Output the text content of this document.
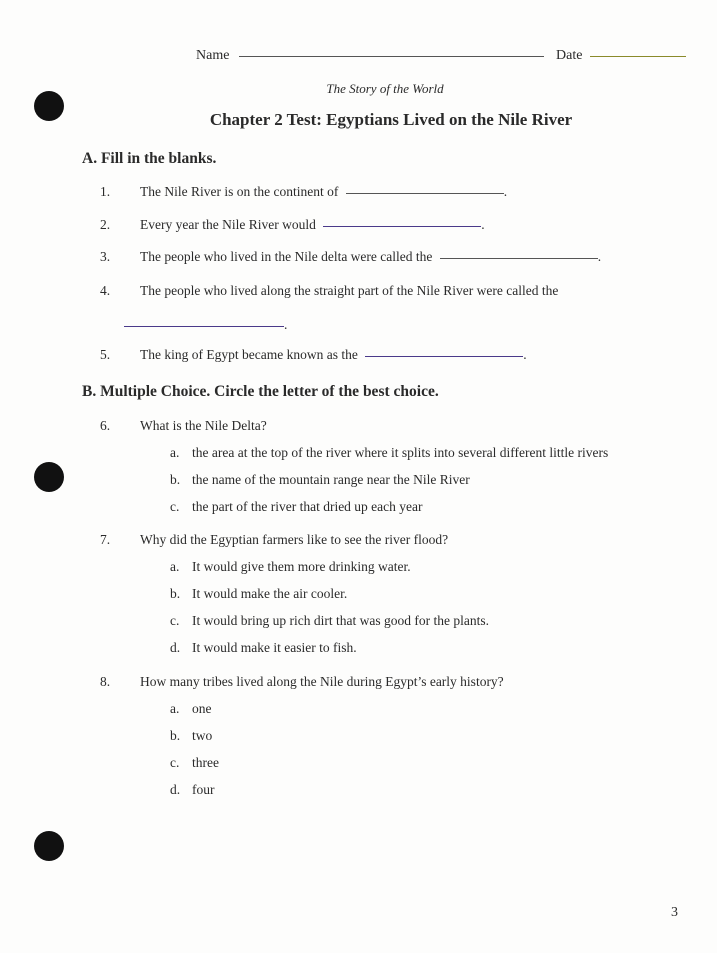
Name	Date
The Story of the World
Chapter 2 Test: Egyptians Lived on the Nile River
A. Fill in the blanks.
1. The Nile River is on the continent of	.
2. Every year the Nile River would	.
3. The people who lived in the Nile delta were called the	.
4. The people who lived along the straight part of the Nile River were called the
.
5. The king of Egypt became known as the	.
B. Multiple Choice. Circle the letter of the best choice.
6. What is the Nile Delta?
a. the area at the top of the river where it splits into several different little rivers
b. the name of the mountain range near the Nile River
c. the part of the river that dried up each year
7. Why did the Egyptian farmers like to see the river flood?
a. It would give them more drinking water.
b. It would make the air cooler.
c. It would bring up rich dirt that was good for the plants.
d. It would make it easier to fish.
8. How many tribes lived along the Nile during Egypt’s early history?
a. one
b. two
c. three
d. four
3
